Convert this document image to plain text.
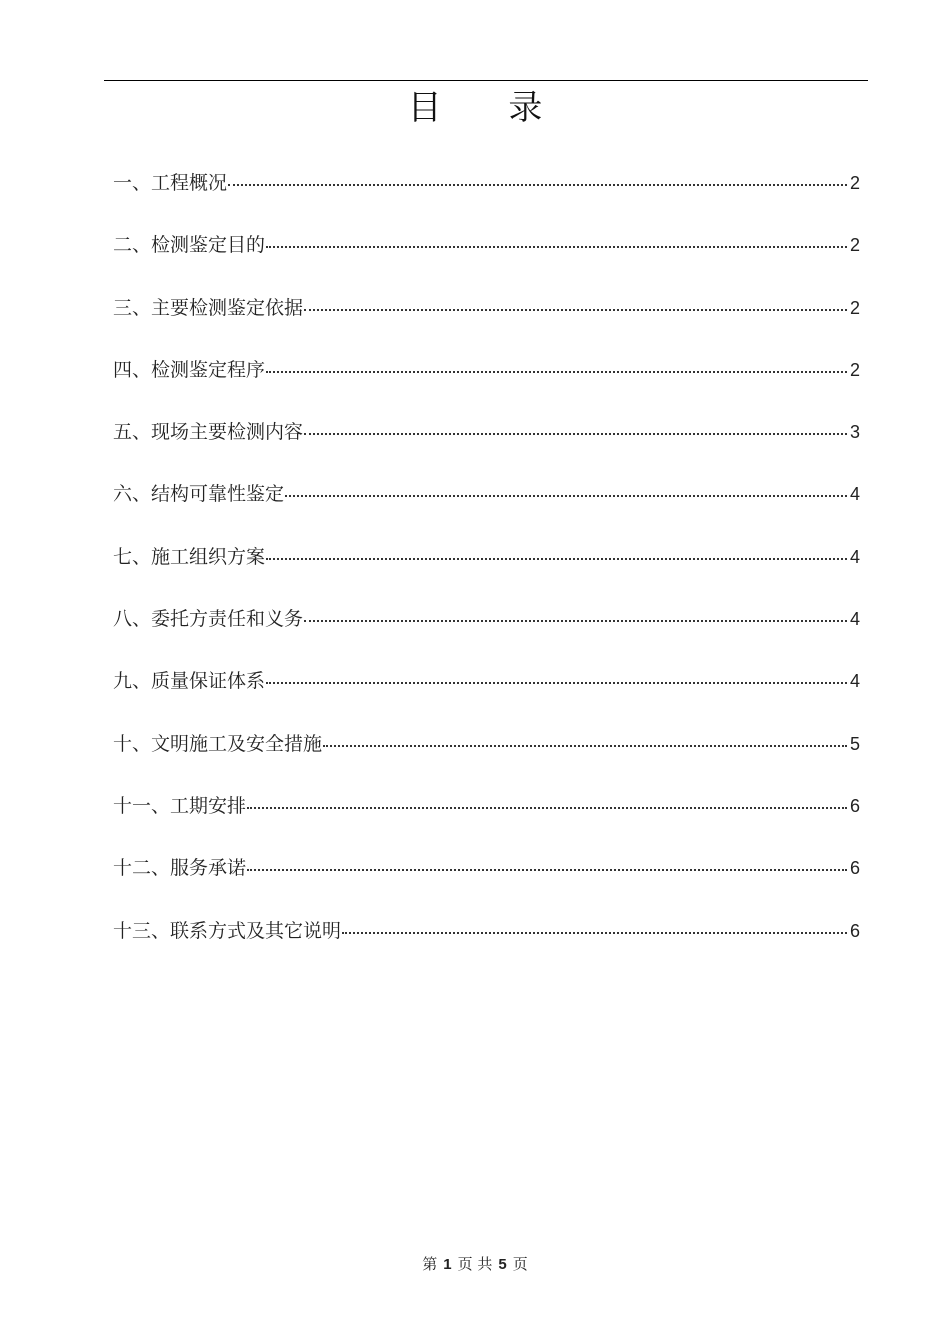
目 录
一、工程概况	2
二、检测鉴定目的	2
三、主要检测鉴定依据	2
四、检测鉴定程序	2
五、现场主要检测内容	3
六、结构可靠性鉴定	4
七、施工组织方案	4
八、委托方责任和义务	4
九、质量保证体系	4
十、文明施工及安全措施	5
十一、工期安排	6
十二、服务承诺	6
十三、联系方式及其它说明	6
第 1 页 共 5 页
